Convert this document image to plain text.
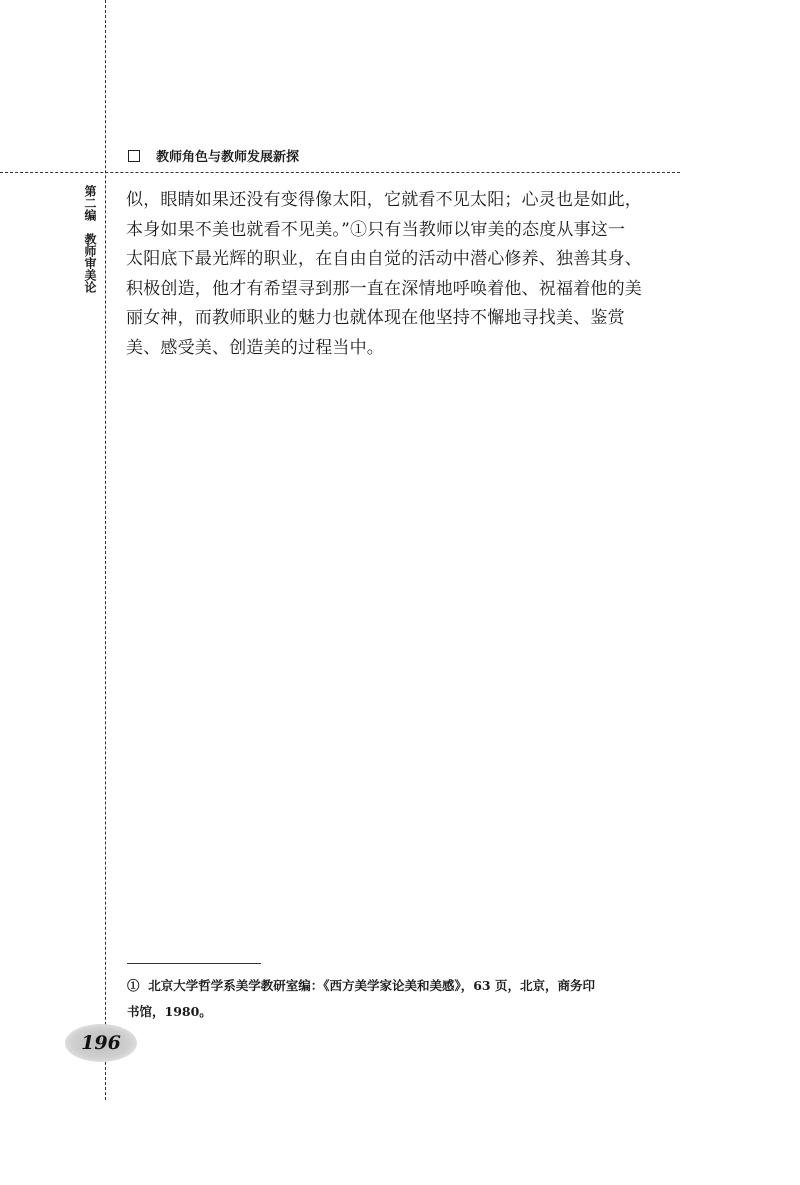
教师角色与教师发展新探
第二编教师审美论

似，眼睛如果还没有变得像太阳，它就看不见太阳；心灵也是如此，

本身如果不美也就看不见美。”①只有当教师以审美的态度从事这一

太阳底下最光辉的职业，在自由自觉的活动中潜心修养、独善其身、

积极创造，他才有希望寻到那一直在深情地呼唤着他、祝福着他的美

丽女神，而教师职业的魅力也就体现在他坚持不懈地寻找美、鉴赏

美、感受美、创造美的过程当中。

①  北京大学哲学系美学教研室编：《西方美学家论美和美感》，63 页，北京，商务印

书馆，1980。

196
